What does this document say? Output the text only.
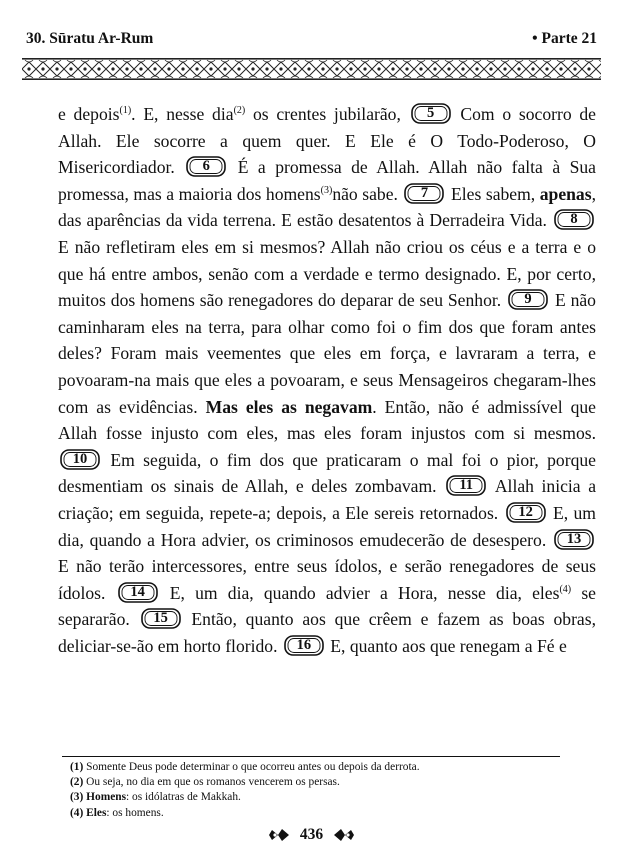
30. Sūratu Ar-Rum	• Parte 21

e depois$^{(1)}$. E, nesse dia$^{(2)}$ os crentes jubilarão,	5	Com o socorro de Allah. Ele socorre a quem quer. E Ele é O Todo-Poderoso, O Misericordiador.	6	É a promessa de Allah. Allah não falta à Sua promessa, mas a maioria dos homens$^{(3)}$não sabe.	7	Eles sabem, apenas, das aparências da vida terrena. E estão desatentos à Derradeira Vida.	8
E não refletiram eles em si mesmos? Allah não criou os céus e a terra e o que há entre ambos, senão com a verdade e termo designado. E, por certo, muitos dos homens são renegadores do deparar de seu Senhor.	9	E não caminharam eles na terra, para olhar como foi o fim dos que foram antes deles? Foram mais veementes que eles em força, e lavraram a terra, e povoaram-na mais que eles a povoaram, e seus Mensageiros chegaram-lhes com as evidências. Mas eles as negavam. Então, não é admissível que Allah fosse injusto com eles, mas eles foram injustos com si mesmos.
10	Em seguida, o fim dos que praticaram o mal foi o pior, porque desmentiam os sinais de Allah, e deles zombavam.	11	Allah inicia a criação; em seguida, repete-a; depois, a Ele sereis retornados.	12	E, um dia, quando a Hora advier, os criminosos emudecerão de desespero.	13
E não terão intercessores, entre seus ídolos, e serão renegadores de seus ídolos.	14	E, um dia, quando advier a Hora, nesse dia, eles$^{(4)}$ se separarão.	15	Então, quanto aos que crêem e fazem as boas obras, deliciar-se-ão em horto florido.	16	E, quanto aos que renegam a Fé e

(1) Somente Deus pode determinar o que ocorreu antes ou depois da derrota.
(2) Ou seja, no dia em que os romanos vencerem os persas.
(3) Homens: os idólatras de Makkah.
(4) Eles: os homens.
436
